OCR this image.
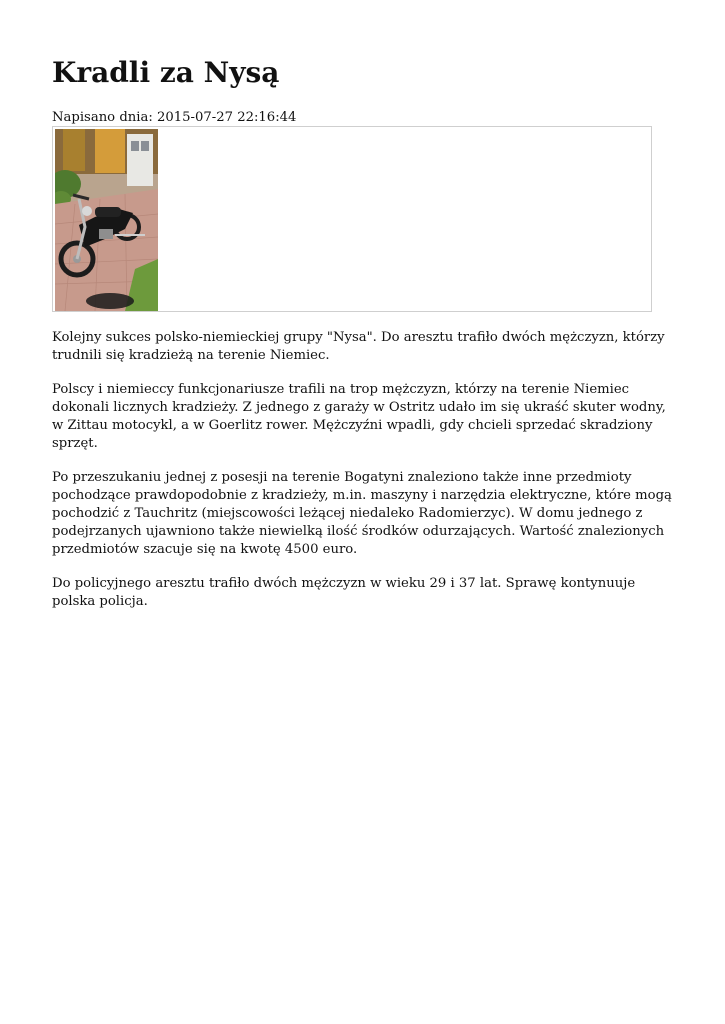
Kradli za Nysą
Napisano dnia: 2015-07-27 22:16:44

Kolejny sukces polsko-niemieckiej grupy "Nysa". Do aresztu trafiło dwóch mężczyzn, którzy trudnili się kradzieżą na terenie Niemiec.

Polscy i niemieccy funkcjonariusze trafili na trop mężczyzn, którzy na terenie Niemiec dokonali licznych kradzieży. Z jednego z garaży w Ostritz udało im się ukraść skuter wodny, w Zittau motocykl, a w Goerlitz rower. Mężczyźni wpadli, gdy chcieli sprzedać skradziony sprzęt.

Po przeszukaniu jednej z posesji na terenie Bogatyni znaleziono także inne przedmioty pochodzące prawdopodobnie z kradzieży, m.in. maszyny i narzędzia elektryczne, które mogą pochodzić z Tauchritz (miejscowości leżącej niedaleko Radomierzyc). W domu jednego z podejrzanych ujawniono także niewielką ilość środków odurzających. Wartość znalezionych przedmiotów szacuje się na kwotę 4500 euro.

Do policyjnego aresztu trafiło dwóch mężczyzn w wieku 29 i 37 lat. Sprawę kontynuuje polska policja.
